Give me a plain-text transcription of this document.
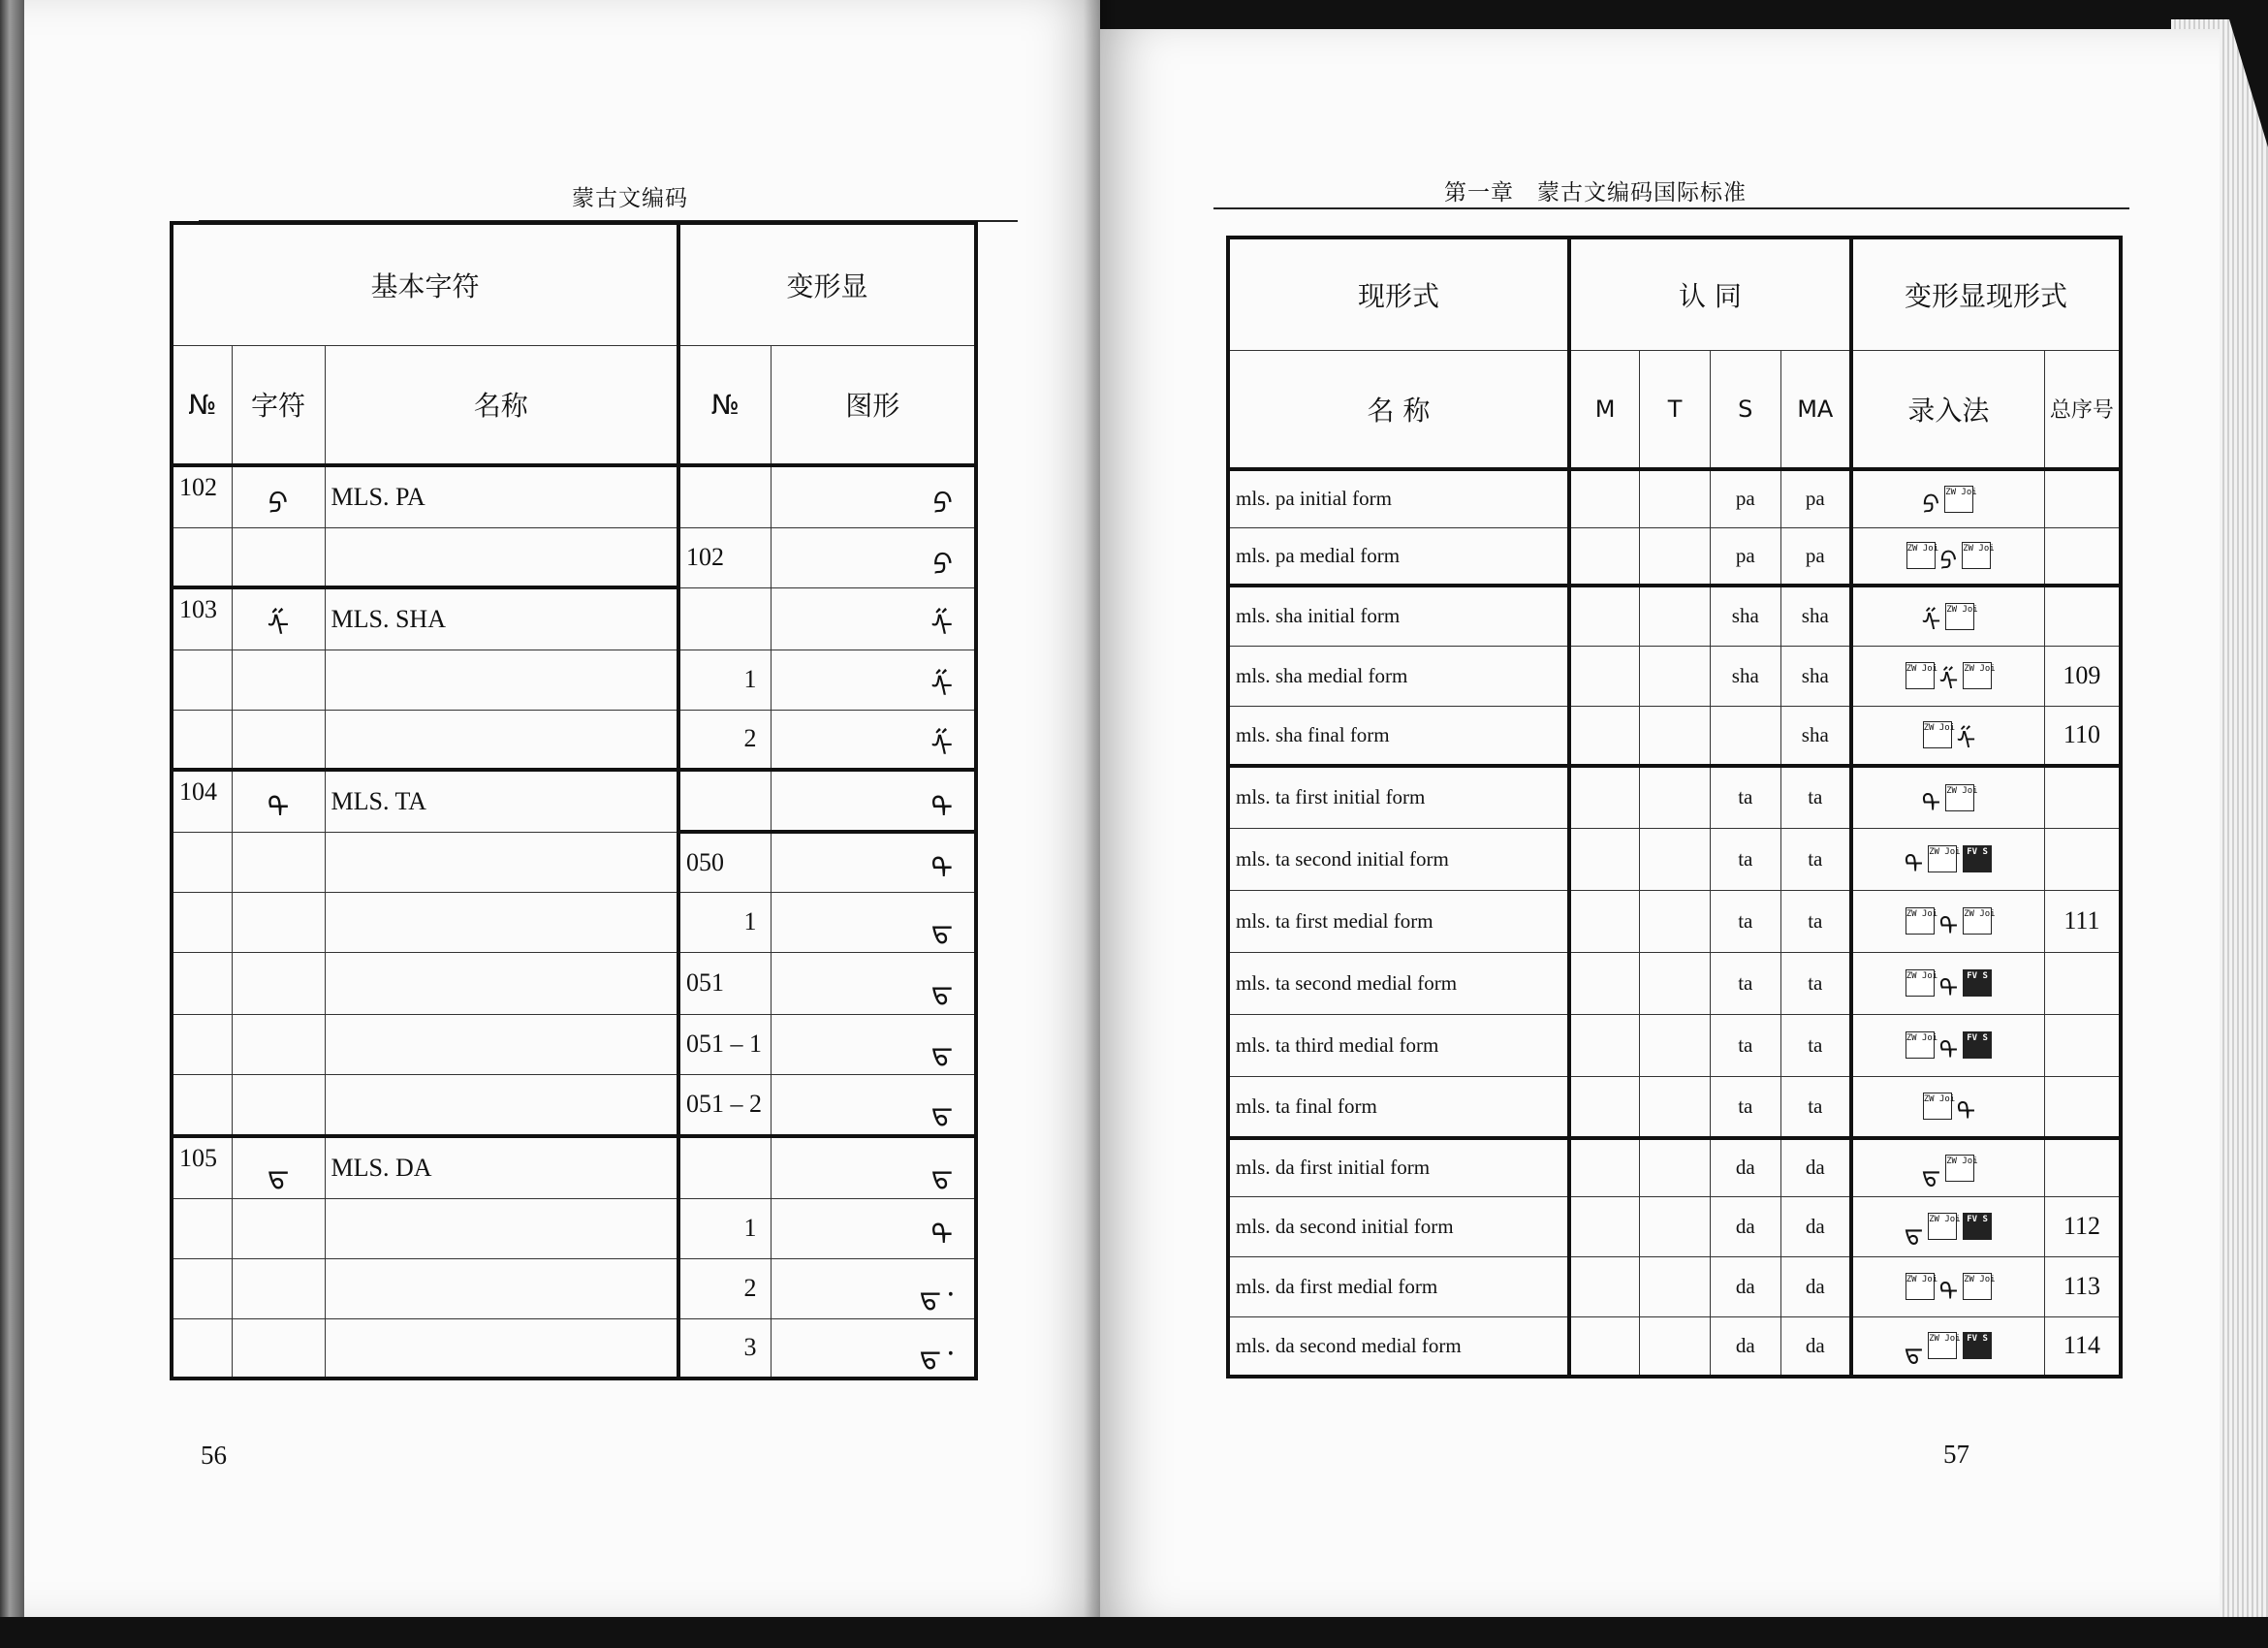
蒙古文编码
基本字符			变形显	
№	字符	名称	№	图形
102	ᠫ	MLS. PA		ᠫ
			102	ᠫ
103	ᠱ	MLS. SHA		ᠱ
			1	ᠱ
			2	ᠱ
104	ᠲ	MLS. TA		ᠲ
			050	ᠲ
			1	ᠳ
			051	ᠳ
			051 – 1	ᠳ
			051 – 2	ᠳ
105	ᠳ	MLS. DA		ᠳ
			1	ᠲ
			2	ᠳ᠂
			3	ᠳ᠂
56
第一章　蒙古文编码国际标准
现形式	认 同				变形显现形式	
名 称	M	T	S	MA	录入法	总序号
mls. pa initial form			pa	pa	ᠫ ZW Joi	
mls. pa medial form			pa	pa	ZW Joiᠫ ZW Joi	
mls. sha initial form			sha	sha	ᠱ ZW Joi	
mls. sha medial form			sha	sha	ZW Joiᠱ ZW Joi	109
mls. sha final form				sha	ZW Joiᠱ	110
mls. ta first initial form			ta	ta	ᠲ ZW Joi	
mls. ta second initial form			ta	ta	ᠲ ZW Joi FV S	
mls. ta first medial form			ta	ta	ZW Joiᠲ ZW Joi	111
mls. ta second medial form			ta	ta	ZW Joiᠲ FV S	
mls. ta third medial form			ta	ta	ZW Joiᠲ FV S	
mls. ta final form			ta	ta	ZW Joiᠲ	
mls. da first initial form			da	da	ᠳ ZW Joi	
mls. da second initial form			da	da	ᠳ ZW Joi FV S	112
mls. da first medial form			da	da	ZW Joiᠲ ZW Joi	113
mls. da second medial form			da	da	ᠳ ZW Joi FV S	114
57
